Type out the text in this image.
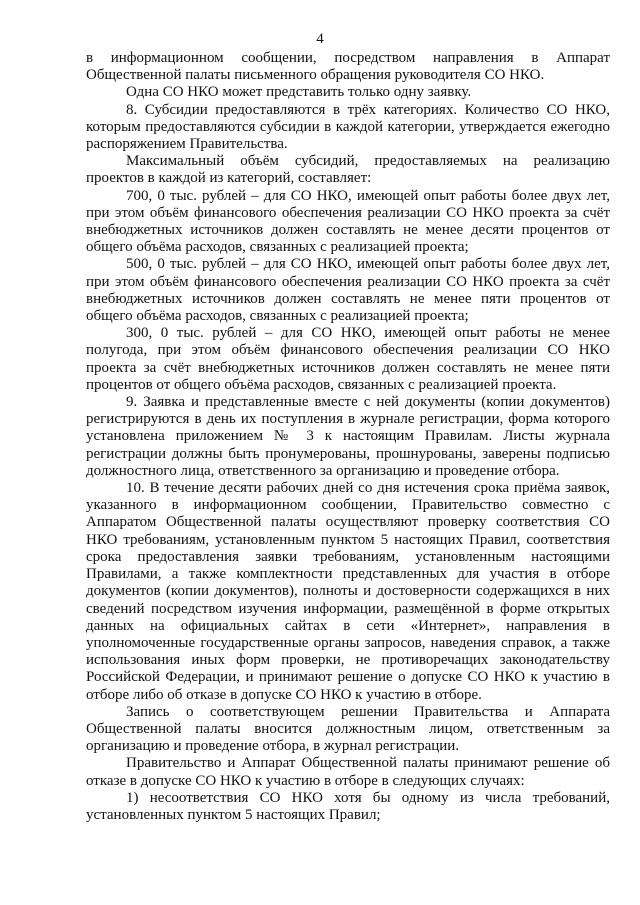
4

в информационном сообщении, посредством направления в Аппарат Общественной палаты письменного обращения руководителя СО НКО.

Одна СО НКО может представить только одну заявку.

8. Субсидии предоставляются в трёх категориях. Количество СО НКО, которым предоставляются субсидии в каждой категории, утверждается ежегодно распоряжением Правительства.

Максимальный объём субсидий, предоставляемых на реализацию проектов в каждой из категорий, составляет:

700, 0 тыс. рублей – для СО НКО, имеющей опыт работы более двух лет, при этом объём финансового обеспечения реализации СО НКО проекта за счёт внебюджетных источников должен составлять не менее десяти процентов от общего объёма расходов, связанных с реализацией проекта;

500, 0 тыс. рублей – для СО НКО, имеющей опыт работы более двух лет, при этом объём финансового обеспечения реализации СО НКО проекта за счёт внебюджетных источников должен составлять не менее пяти процентов от общего объёма расходов, связанных с реализацией проекта;

300, 0 тыс. рублей – для СО НКО, имеющей опыт работы не менее полугода, при этом объём финансового обеспечения реализации СО НКО проекта за счёт внебюджетных источников должен составлять не менее пяти процентов от общего объёма расходов, связанных с реализацией проекта.

9. Заявка и представленные вместе с ней документы (копии документов) регистрируются в день их поступления в журнале регистрации, форма которого установлена приложением № 3 к настоящим Правилам. Листы журнала регистрации должны быть пронумерованы, прошнурованы, заверены подписью должностного лица, ответственного за организацию и проведение отбора.

10. В течение десяти рабочих дней со дня истечения срока приёма заявок, указанного в информационном сообщении, Правительство совместно с Аппаратом Общественной палаты осуществляют проверку соответствия СО НКО требованиям, установленным пунктом 5 настоящих Правил, соответствия срока предоставления заявки требованиям, установленным настоящими Правилами, а также комплектности представленных для участия в отборе документов (копии документов), полноты и достоверности содержащихся в них сведений посредством изучения информации, размещённой в форме открытых данных на официальных сайтах в сети «Интернет», направления в уполномоченные государственные органы запросов, наведения справок, а также использования иных форм проверки, не противоречащих законодательству Российской Федерации, и принимают решение о допуске СО НКО к участию в отборе либо об отказе в допуске СО НКО к участию в отборе.

Запись о соответствующем решении Правительства и Аппарата Общественной палаты вносится должностным лицом, ответственным за организацию и проведение отбора, в журнал регистрации.

Правительство и Аппарат Общественной палаты принимают решение об отказе в допуске СО НКО к участию в отборе в следующих случаях:

1) несоответствия СО НКО хотя бы одному из числа требований, установленных пунктом 5 настоящих Правил;
